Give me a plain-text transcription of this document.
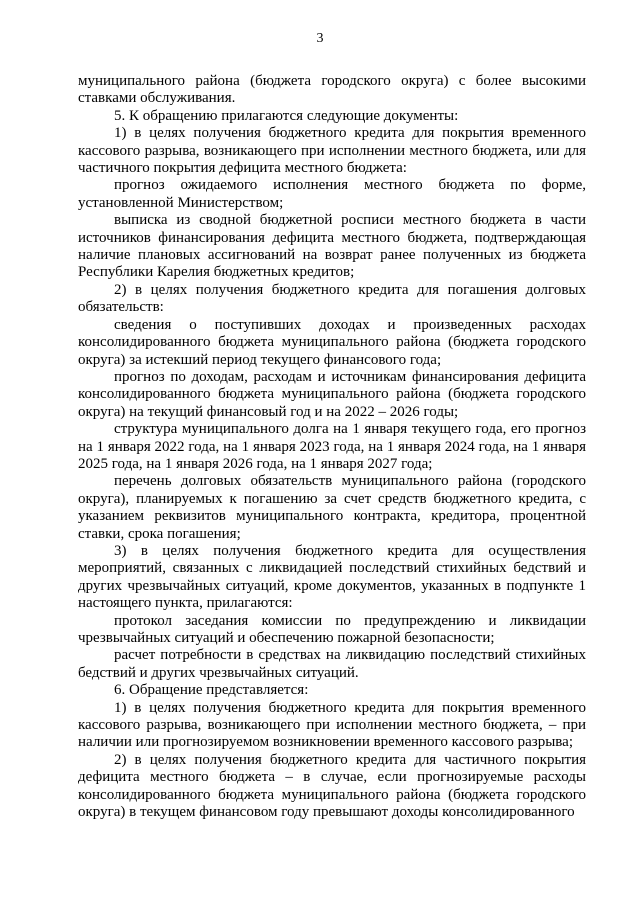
3

муниципального района (бюджета городского округа) с более высокими ставками обслуживания.

5. К обращению прилагаются следующие документы:

1) в целях получения бюджетного кредита для покрытия временного кассового разрыва, возникающего при исполнении местного бюджета, или для частичного покрытия дефицита местного бюджета:

прогноз ожидаемого исполнения местного бюджета по форме, установленной Министерством;

выписка из сводной бюджетной росписи местного бюджета в части источников финансирования дефицита местного бюджета, подтверждающая наличие плановых ассигнований на возврат ранее полученных из бюджета Республики Карелия бюджетных кредитов;

2) в целях получения бюджетного кредита для погашения долговых обязательств:

сведения о поступивших доходах и произведенных расходах консолидированного бюджета муниципального района (бюджета городского округа) за истекший период текущего финансового года;

прогноз по доходам, расходам и источникам финансирования дефицита консолидированного бюджета муниципального района (бюджета городского округа) на текущий финансовый год и на 2022 – 2026 годы;

структура муниципального долга на 1 января текущего года, его прогноз на 1 января 2022 года, на 1 января 2023 года, на 1 января 2024 года, на 1 января 2025 года, на 1 января 2026 года, на 1 января 2027 года;

перечень долговых обязательств муниципального района (городского округа), планируемых к погашению за счет средств бюджетного кредита, с указанием реквизитов муниципального контракта, кредитора, процентной ставки, срока погашения;

3) в целях получения бюджетного кредита для осуществления мероприятий, связанных с ликвидацией последствий стихийных бедствий и других чрезвычайных ситуаций, кроме документов, указанных в подпункте 1 настоящего пункта, прилагаются:

протокол заседания комиссии по предупреждению и ликвидации чрезвычайных ситуаций и обеспечению пожарной безопасности;

расчет потребности в средствах на ликвидацию последствий стихийных бедствий и других чрезвычайных ситуаций.

6. Обращение представляется:

1) в целях получения бюджетного кредита для покрытия временного кассового разрыва, возникающего при исполнении местного бюджета, – при наличии или прогнозируемом возникновении временного кассового разрыва;

2) в целях получения бюджетного кредита для частичного покрытия дефицита местного бюджета – в случае, если прогнозируемые расходы консолидированного бюджета муниципального района (бюджета городского округа) в текущем финансовом году превышают доходы консолидированного
